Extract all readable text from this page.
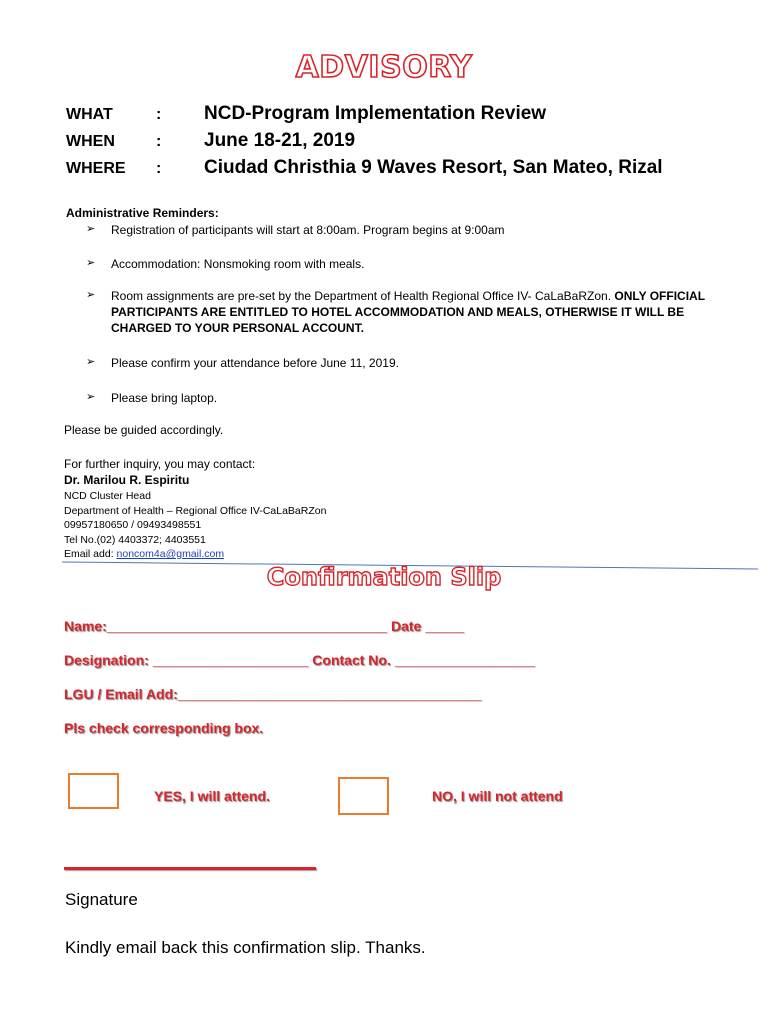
ADVISORY
WHAT	: NCD-Program Implementation Review
WHEN	: June 18-21, 2019
WHERE : Ciudad Christhia 9 Waves Resort, San Mateo, Rizal
Administrative Reminders:
➢ Registration of participants will start at 8:00am. Program begins at 9:00am
➢ Accommodation: Nonsmoking room with meals.
➢ Room assignments are pre-set by the Department of Health Regional Office IV- CaLaBaRZon. ONLY OFFICIAL PARTICIPANTS ARE ENTITLED TO HOTEL ACCOMMODATION AND MEALS, OTHERWISE IT WILL BE CHARGED TO YOUR PERSONAL ACCOUNT.
➢ Please confirm your attendance before June 11, 2019.
➢ Please bring laptop.
Please be guided accordingly.
For further inquiry, you may contact:
Dr. Marilou R. Espiritu
NCD Cluster Head
Department of Health – Regional Office IV-CaLaBaRZon
09957180650 / 09493498551
Tel No.(02) 4403372; 4403551
Email add: noncom4a@gmail.com
Confirmation Slip
Name:____________________________________ Date _____
Designation: ____________________ Contact No. __________________
LGU / Email Add:_______________________________________
Pls check corresponding box.
YES, I will attend.	NO, I will not attend
Signature
Kindly email back this confirmation slip. Thanks.
